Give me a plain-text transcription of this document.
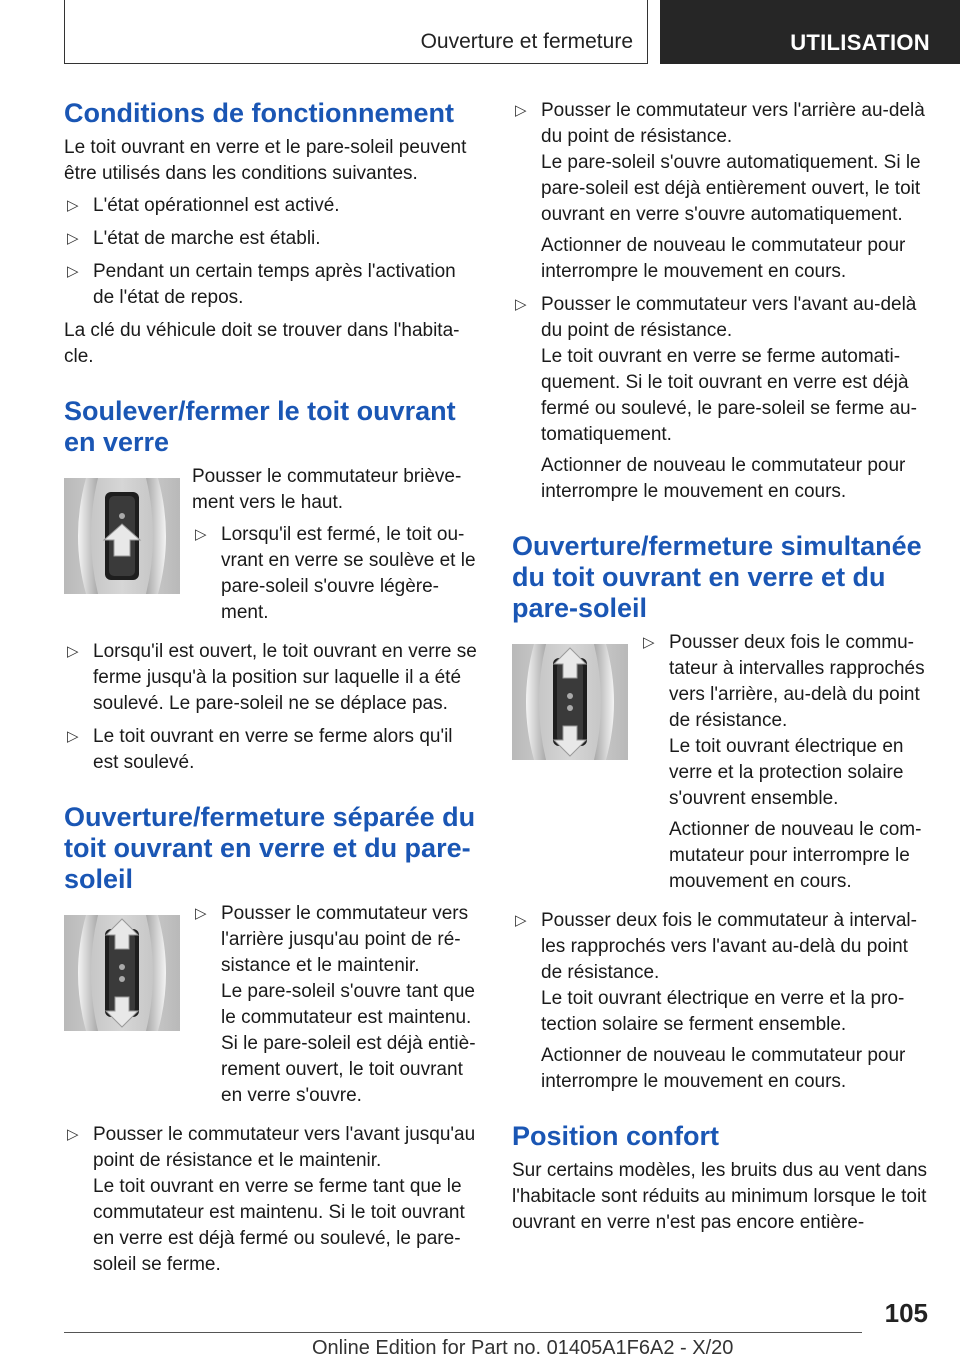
Ouverture et fermeture	UTILISATION
Conditions de fonctionnement

Le toit ouvrant en verre et le pare-soleil peuvent être utilisés dans les conditions suivantes.

▷ L'état opérationnel est activé.
▷ L'état de marche est établi.
▷ Pendant un certain temps après l'activation de l'état de repos.

La clé du véhicule doit se trouver dans l'habita-cle.

Soulever/fermer le toit ouvrant en verre

Pousser le commutateur briève-ment vers le haut.

▷ Lorsqu'il est fermé, le toit ou-vrant en verre se soulève et le pare-soleil s'ouvre légère-ment.
▷ Lorsqu'il est ouvert, le toit ouvrant en verre se ferme jusqu'à la position sur laquelle il a été soulevé. Le pare-soleil ne se déplace pas.
▷ Le toit ouvrant en verre se ferme alors qu'il est soulevé.
Ouverture/fermeture séparée du toit ouvrant en verre et du pare-soleil
▷ Pousser le commutateur vers l'arrière jusqu'au point de ré-sistance et le maintenir.

Le pare-soleil s'ouvre tant que le commutateur est maintenu. Si le pare-soleil est déjà entiè-rement ouvert, le toit ouvrant en verre s'ouvre.

▷ Pousser le commutateur vers l'avant jusqu'au point de résistance et le maintenir.

Le toit ouvrant en verre se ferme tant que le commutateur est maintenu. Si le toit ouvrant en verre est déjà fermé ou soulevé, le pare-soleil se ferme.

▷ Pousser le commutateur vers l'arrière au-delà du point de résistance.

Le pare-soleil s'ouvre automatiquement. Si le pare-soleil est déjà entièrement ouvert, le toit ouvrant en verre s'ouvre automatiquement.

Actionner de nouveau le commutateur pour interrompre le mouvement en cours.

▷ Pousser le commutateur vers l'avant au-delà du point de résistance.

Le toit ouvrant en verre se ferme automati-quement. Si le toit ouvrant en verre est déjà fermé ou soulevé, le pare-soleil se ferme au-tomatiquement.

Actionner de nouveau le commutateur pour interrompre le mouvement en cours.

Ouverture/fermeture simultanée du toit ouvrant en verre et du pare-soleil
▷ Pousser deux fois le commu-tateur à intervalles rapprochés vers l'arrière, au-delà du point de résistance.

Le toit ouvrant électrique en verre et la protection solaire s'ouvrent ensemble.

Actionner de nouveau le com-mutateur pour interrompre le mouvement en cours.

▷ Pousser deux fois le commutateur à interval-les rapprochés vers l'avant au-delà du point de résistance.

Le toit ouvrant électrique en verre et la pro-tection solaire se ferment ensemble.

Actionner de nouveau le commutateur pour interrompre le mouvement en cours.

Position confort

Sur certains modèles, les bruits dus au vent dans l'habitacle sont réduits au minimum lorsque le toit ouvrant en verre n'est pas encore entière-

105
Online Edition for Part no. 01405A1F6A2 - X/20
